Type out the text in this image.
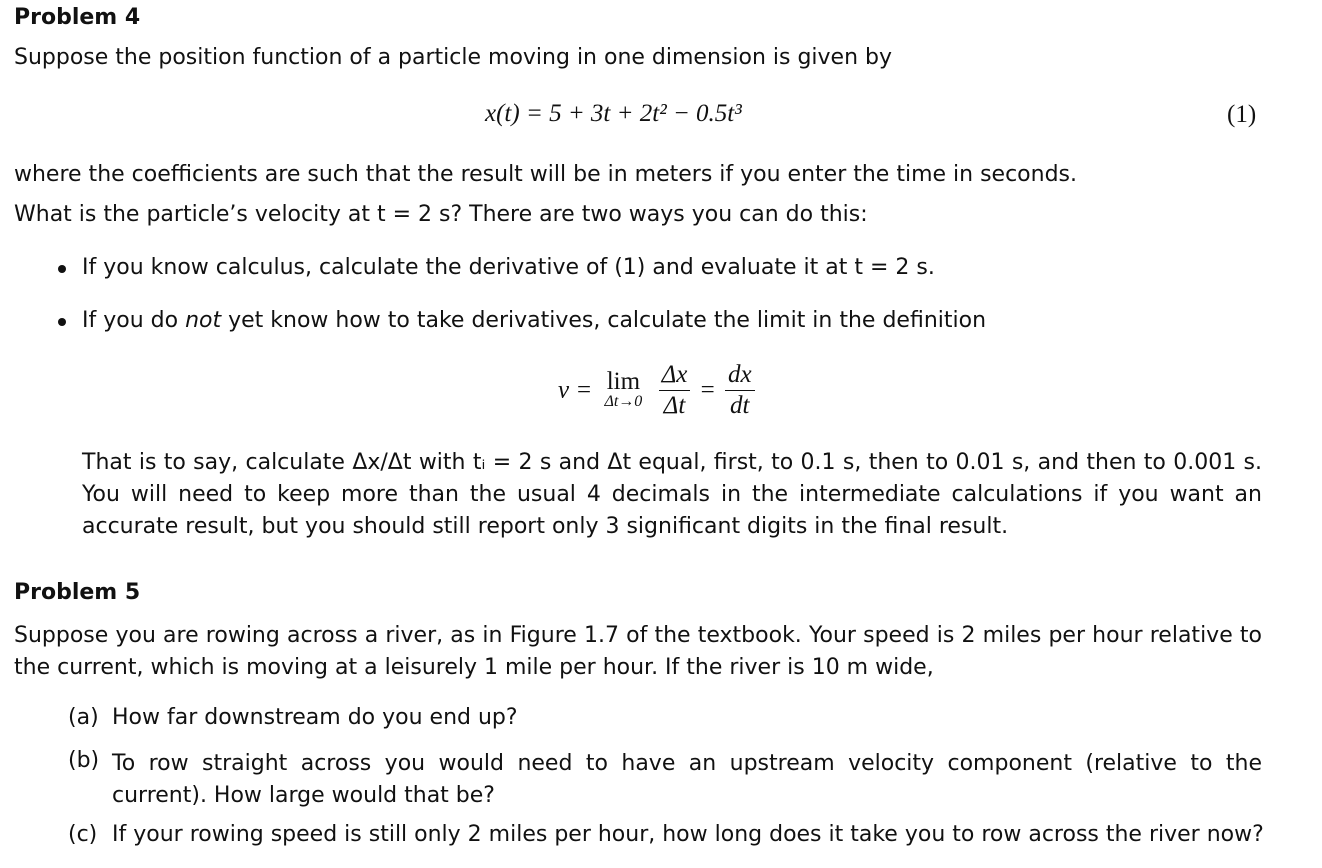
Problem 4
Suppose the position function of a particle moving in one dimension is given by
x(t) = 5 + 3t + 2t² − 0.5t³	(1)
where the coefficients are such that the result will be in meters if you enter the time in seconds.
What is the particle’s velocity at t = 2 s? There are two ways you can do this:
If you know calculus, calculate the derivative of (1) and evaluate it at t = 2 s.
If you do not yet know how to take derivatives, calculate the limit in the definition
v = lim
Δt→0
$\frac{\Delta x}{\Delta t} = \frac{dx}{dt}$
That is to say, calculate Δx/Δt with tᵢ = 2 s and Δt equal, first, to 0.1 s, then to 0.01 s, and then to 0.001 s. You will need to keep more than the usual 4 decimals in the intermediate calculations if you want an accurate result, but you should still report only 3 significant digits in the final result.
Problem 5
Suppose you are rowing across a river, as in Figure 1.7 of the textbook. Your speed is 2 miles per hour relative to the current, which is moving at a leisurely 1 mile per hour. If the river is 10 m wide,
(a) How far downstream do you end up?
(b) To row straight across you would need to have an upstream velocity component (relative to the current). How large would that be?
(c) If your rowing speed is still only 2 miles per hour, how long does it take you to row across the river now?
